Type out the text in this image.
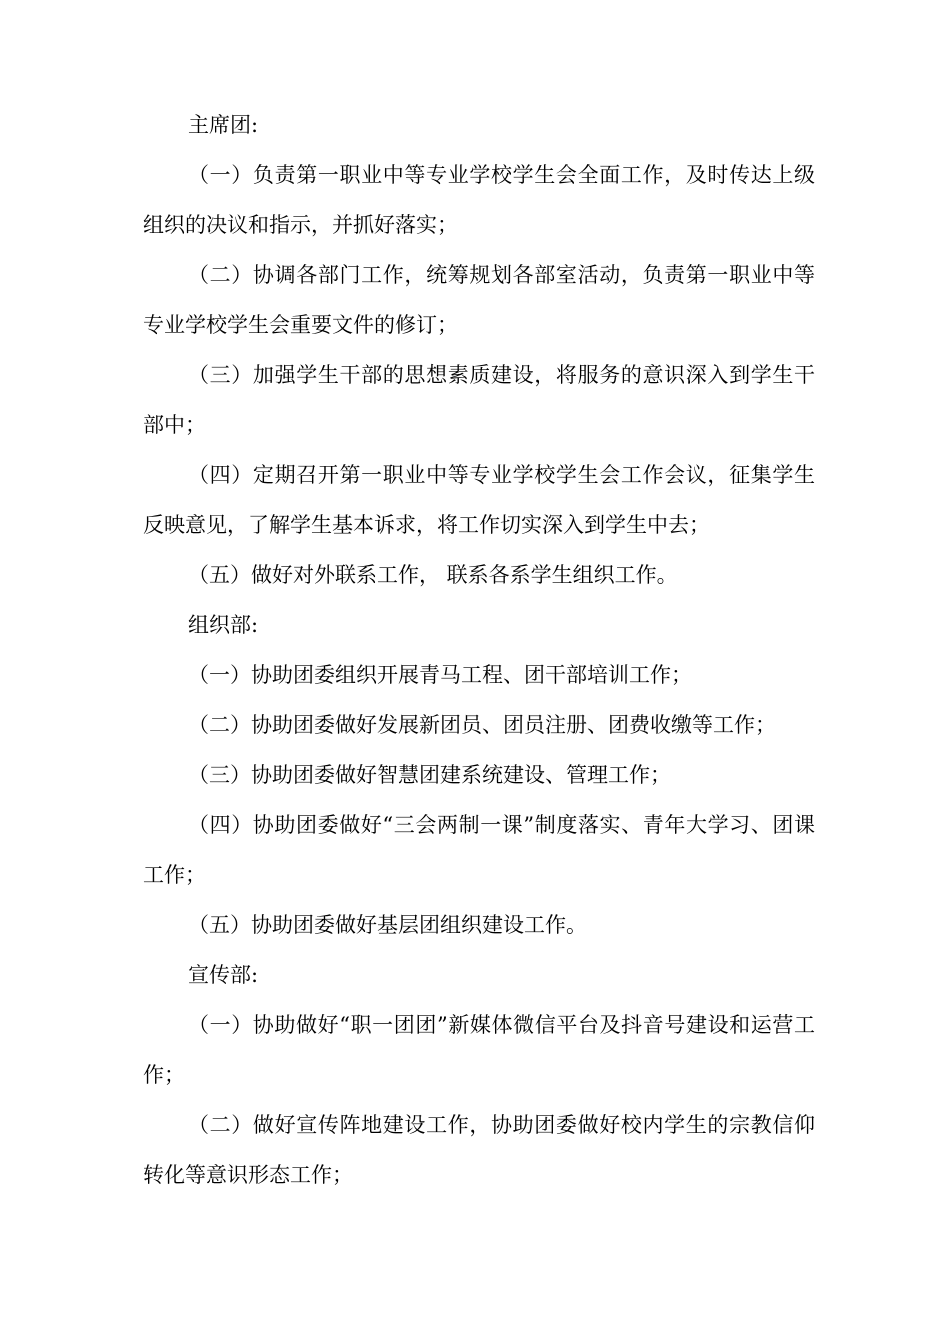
主席团:

（一）负责第一职业中等专业学校学生会全面工作，及时传达上级组织的决议和指示，并抓好落实；

（二）协调各部门工作，统筹规划各部室活动，负责第一职业中等专业学校学生会重要文件的修订；

（三）加强学生干部的思想素质建设，将服务的意识深入到学生干部中；

（四）定期召开第一职业中等专业学校学生会工作会议，征集学生反映意见，了解学生基本诉求，将工作切实深入到学生中去；

（五）做好对外联系工作， 联系各系学生组织工作。

组织部:

（一）协助团委组织开展青马工程、团干部培训工作；

（二）协助团委做好发展新团员、团员注册、团费收缴等工作；

（三）协助团委做好智慧团建系统建设、管理工作；

（四）协助团委做好“三会两制一课”制度落实、青年大学习、团课工作；

（五）协助团委做好基层团组织建设工作。

宣传部:

（一）协助做好“职一团团”新媒体微信平台及抖音号建设和运营工作；

（二）做好宣传阵地建设工作，协助团委做好校内学生的宗教信仰转化等意识形态工作；
